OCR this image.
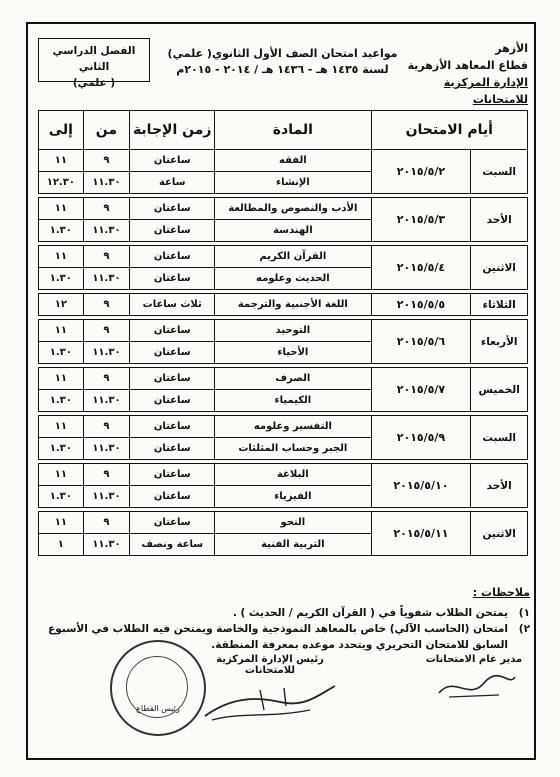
الأزهر
قطاع المعاهد الأزهرية
الإدارة المركزية للامتحانات
مواعيد امتحان الصف الأول الثانوي( علمي)
لسنة ١٤٣٥ هـ - ١٤٣٦ هـ / ٢٠١٤ - ٢٠١٥م
الفصل الدراسي الثاني
( علمي)
أيام الامتحان		المادة	زمن الإجابة	من	إلى
السبت	٢٠١٥/٥/٢	الفقه	ساعتان	٩	١١
		الإنشاء	ساعة	١١.٣٠	١٢.٣٠

الأحد	٢٠١٥/٥/٣	الأدب والنصوص والمطالعة	ساعتان	٩	١١
		الهندسة	ساعتان	١١.٣٠	١.٣٠

الاثنين	٢٠١٥/٥/٤	القرآن الكريم	ساعتان	٩	١١
		الحديث وعلومه	ساعتان	١١.٣٠	١.٣٠

الثلاثاء	٢٠١٥/٥/٥	اللغة الأجنبية والترجمة	ثلاث ساعات	٩	١٢

الأربعاء	٢٠١٥/٥/٦	التوحيد	ساعتان	٩	١١
		الأحياء	ساعتان	١١.٣٠	١.٣٠

الخميس	٢٠١٥/٥/٧	الصرف	ساعتان	٩	١١
		الكيمياء	ساعتان	١١.٣٠	١.٣٠

السبت	٢٠١٥/٥/٩	التفسير وعلومه	ساعتان	٩	١١
		الجبر وحساب المثلثات	ساعتان	١١.٣٠	١.٣٠

الأحد	٢٠١٥/٥/١٠	البلاغة	ساعتان	٩	١١
		الفيزياء	ساعتان	١١.٣٠	١.٣٠

الاثنين	٢٠١٥/٥/١١	النحو	ساعتان	٩	١١
		التربية الفنية	ساعة ونصف	١١.٣٠	١
ملاحظات :
١)
يمتحن الطلاب شفوياً في ( القرآن الكريم / الحديث ) .
٢)
امتحان (الحاسب الآلي) خاص بالمعاهد النموذجية والخاصة ويمتحن فيه الطلاب في الأسبوع السابق للامتحان التحريري ويتحدد موعده بمعرفة المنطقة.
مدير عام الامتحانات
رئيس الإدارة المركزية للامتحانات
رئيس القطاع
